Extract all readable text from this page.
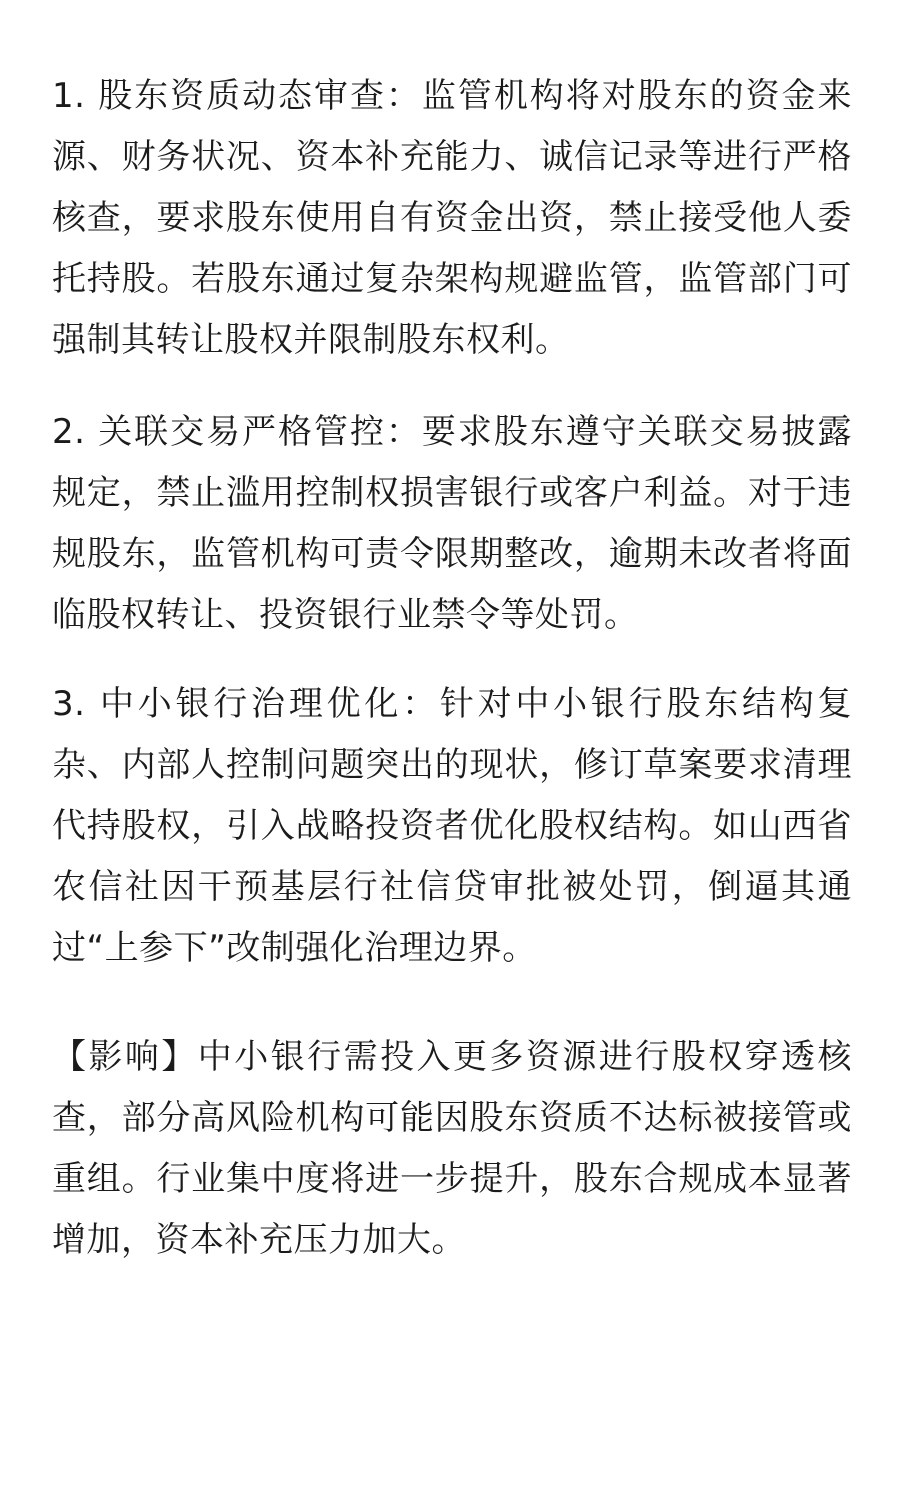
1. 股东资质动态审查：监管机构将对股东的资金来源、财务状况、资本补充能力、诚信记录等进行严格核查，要求股东使用自有资金出资，禁止接受他人委托持股。若股东通过复杂架构规避监管，监管部门可强制其转让股权并限制股东权利。

2. 关联交易严格管控：要求股东遵守关联交易披露规定，禁止滥用控制权损害银行或客户利益。对于违规股东，监管机构可责令限期整改，逾期未改者将面临股权转让、投资银行业禁令等处罚。

3. 中小银行治理优化：针对中小银行股东结构复杂、内部人控制问题突出的现状，修订草案要求清理代持股权，引入战略投资者优化股权结构。如山西省农信社因干预基层行社信贷审批被处罚，倒逼其通过“上参下”改制强化治理边界。

【影响】中小银行需投入更多资源进行股权穿透核查，部分高风险机构可能因股东资质不达标被接管或重组。行业集中度将进一步提升，股东合规成本显著增加，资本补充压力加大。
